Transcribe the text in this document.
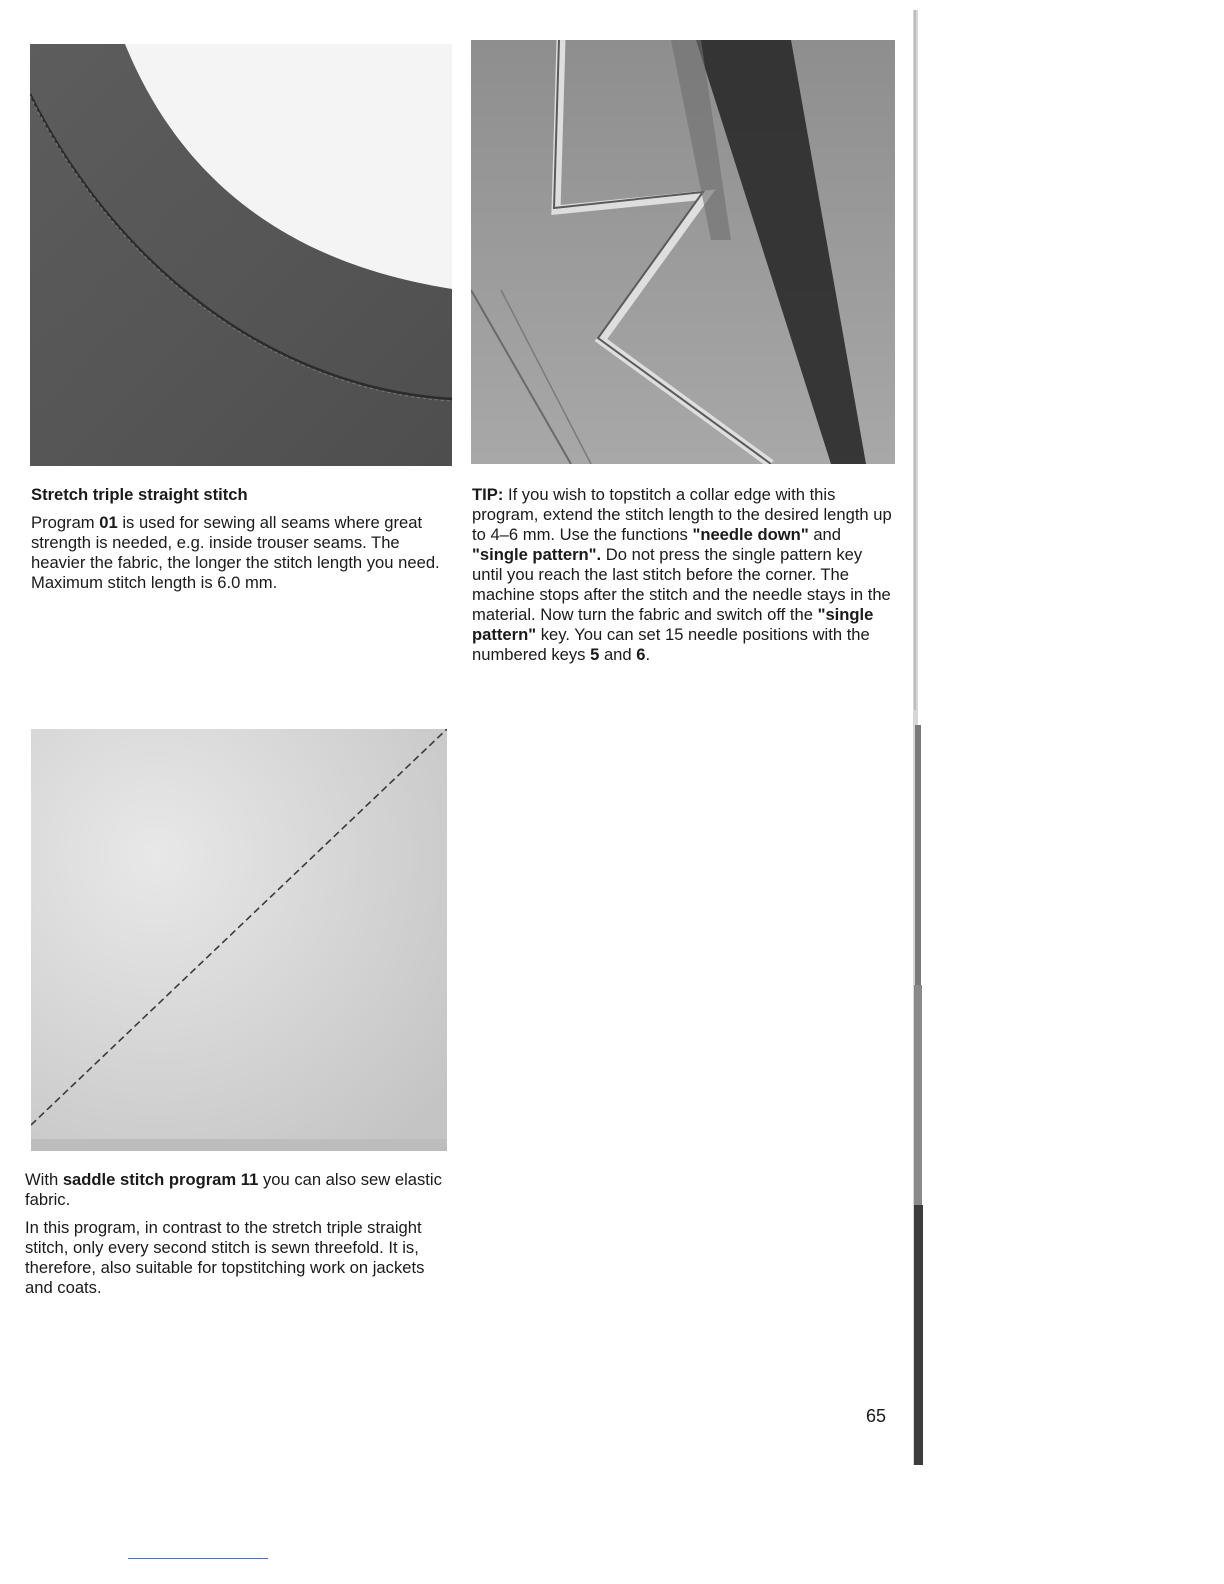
Stretch triple straight stitch

Program 01 is used for sewing all seams where great strength is needed, e.g. inside trouser seams. The heavier the fabric, the longer the stitch length you need. Maximum stitch length is 6.0 mm.

TIP: If you wish to topstitch a collar edge with this program, extend the stitch length to the desired length up to 4–6 mm. Use the functions "needle down" and "single pattern". Do not press the single pattern key until you reach the last stitch before the corner. The machine stops after the stitch and the needle stays in the material. Now turn the fabric and switch off the "single pattern" key. You can set 15 needle positions with the numbered keys 5 and 6.

With saddle stitch program 11 you can also sew elastic fabric.

In this program, in contrast to the stretch triple straight stitch, only every second stitch is sewn threefold. It is, therefore, also suitable for topstitching work on jackets and coats.

65
